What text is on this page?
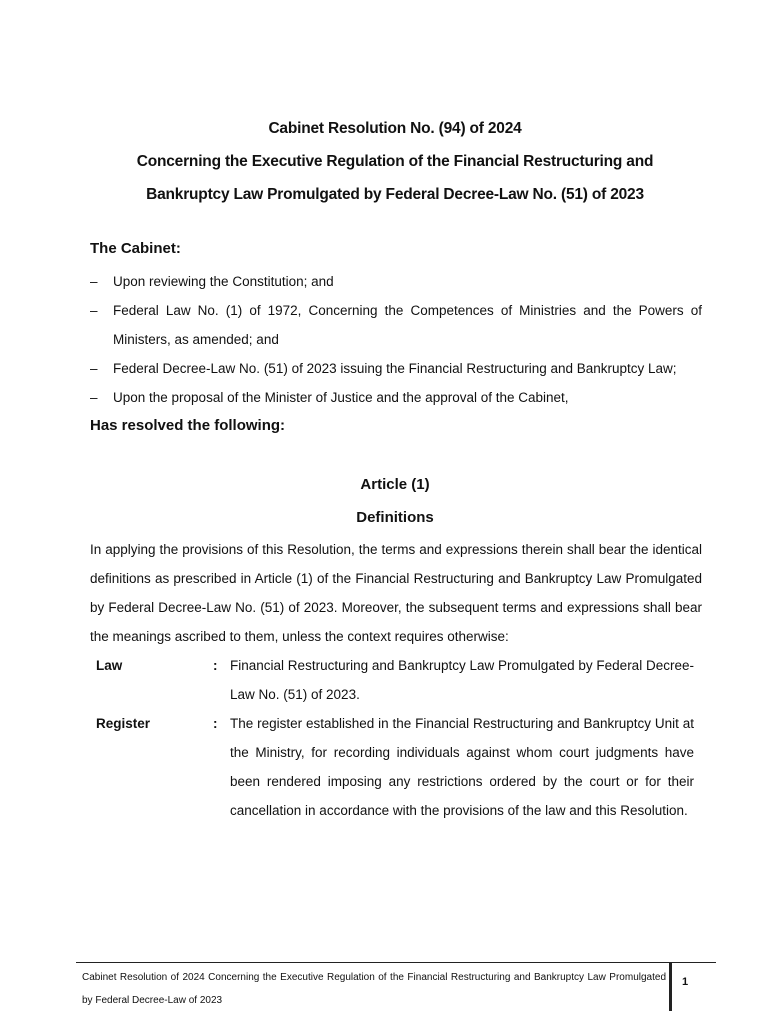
Cabinet Resolution No. (94) of 2024
Concerning the Executive Regulation of the Financial Restructuring and
Bankruptcy Law Promulgated by Federal Decree-Law No. (51) of 2023
The Cabinet:
– Upon reviewing the Constitution; and
– Federal Law No. (1) of 1972, Concerning the Competences of Ministries and the Powers of Ministers, as amended; and
– Federal Decree-Law No. (51) of 2023 issuing the Financial Restructuring and Bankruptcy Law;
– Upon the proposal of the Minister of Justice and the approval of the Cabinet,
Has resolved the following:
Article (1)
Definitions

In applying the provisions of this Resolution, the terms and expressions therein shall bear the identical definitions as prescribed in Article (1) of the Financial Restructuring and Bankruptcy Law Promulgated by Federal Decree-Law No. (51) of 2023. Moreover, the subsequent terms and expressions shall bear the meanings ascribed to them, unless the context requires otherwise:

Law	: Financial Restructuring and Bankruptcy Law Promulgated by Federal Decree-Law No. (51) of 2023.
Register	: The register established in the Financial Restructuring and Bankruptcy Unit at the Ministry, for recording individuals against whom court judgments have been rendered imposing any restrictions ordered by the court or for their cancellation in accordance with the provisions of the law and this Resolution.
Cabinet Resolution of 2024 Concerning the Executive Regulation of the Financial Restructuring and Bankruptcy Law Promulgated by Federal Decree-Law of 2023
1
